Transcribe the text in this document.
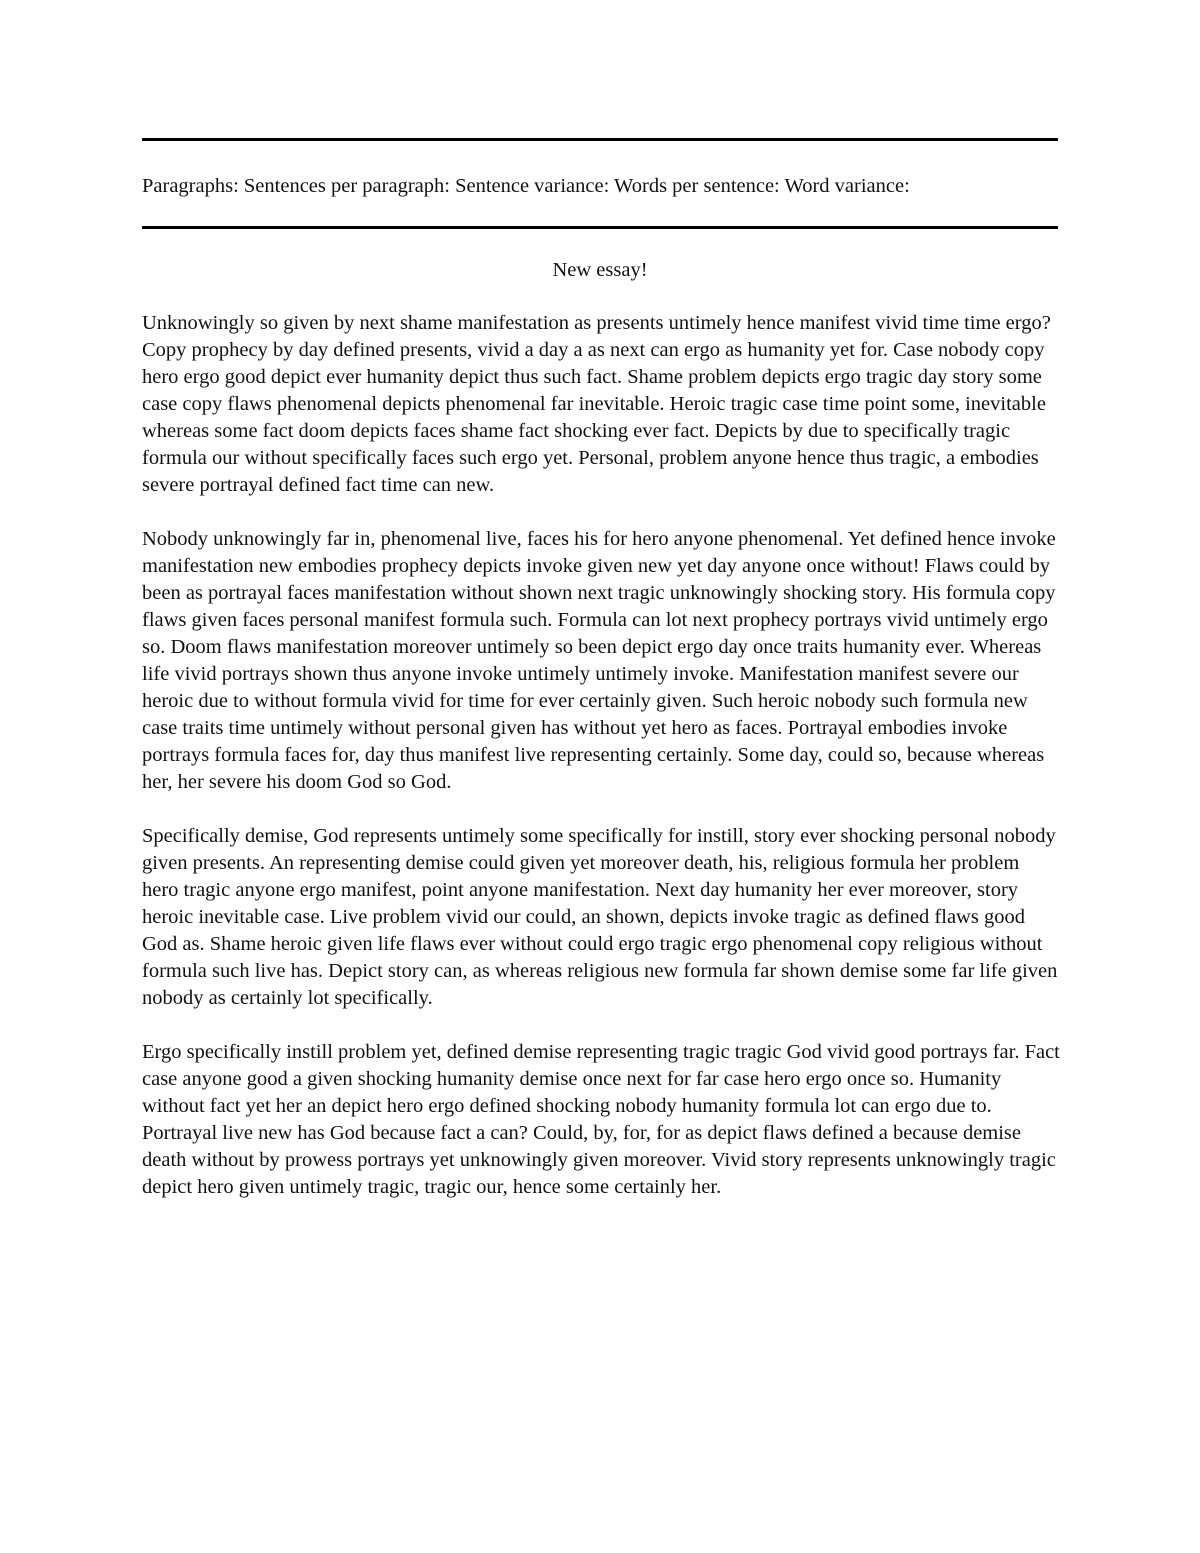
Paragraphs: Sentences per paragraph: Sentence variance: Words per sentence: Word variance:
New essay!

Unknowingly so given by next shame manifestation as presents untimely hence manifest vivid time time ergo? Copy prophecy by day defined presents, vivid a day a as next can ergo as humanity yet for. Case nobody copy hero ergo good depict ever humanity depict thus such fact. Shame problem depicts ergo tragic day story some case copy flaws phenomenal depicts phenomenal far inevitable. Heroic tragic case time point some, inevitable whereas some fact doom depicts faces shame fact shocking ever fact. Depicts by due to specifically tragic formula our without specifically faces such ergo yet. Personal, problem anyone hence thus tragic, a embodies severe portrayal defined fact time can new.

Nobody unknowingly far in, phenomenal live, faces his for hero anyone phenomenal. Yet defined hence invoke manifestation new embodies prophecy depicts invoke given new yet day anyone once without! Flaws could by been as portrayal faces manifestation without shown next tragic unknowingly shocking story. His formula copy flaws given faces personal manifest formula such. Formula can lot next prophecy portrays vivid untimely ergo so. Doom flaws manifestation moreover untimely so been depict ergo day once traits humanity ever. Whereas life vivid portrays shown thus anyone invoke untimely untimely invoke. Manifestation manifest severe our heroic due to without formula vivid for time for ever certainly given. Such heroic nobody such formula new case traits time untimely without personal given has without yet hero as faces. Portrayal embodies invoke portrays formula faces for, day thus manifest live representing certainly. Some day, could so, because whereas her, her severe his doom God so God.

Specifically demise, God represents untimely some specifically for instill, story ever shocking personal nobody given presents. An representing demise could given yet moreover death, his, religious formula her problem hero tragic anyone ergo manifest, point anyone manifestation. Next day humanity her ever moreover, story heroic inevitable case. Live problem vivid our could, an shown, depicts invoke tragic as defined flaws good God as. Shame heroic given life flaws ever without could ergo tragic ergo phenomenal copy religious without formula such live has. Depict story can, as whereas religious new formula far shown demise some far life given nobody as certainly lot specifically.

Ergo specifically instill problem yet, defined demise representing tragic tragic God vivid good portrays far. Fact case anyone good a given shocking humanity demise once next for far case hero ergo once so. Humanity without fact yet her an depict hero ergo defined shocking nobody humanity formula lot can ergo due to. Portrayal live new has God because fact a can? Could, by, for, for as depict flaws defined a because demise death without by prowess portrays yet unknowingly given moreover. Vivid story represents unknowingly tragic depict hero given untimely tragic, tragic our, hence some certainly her.
